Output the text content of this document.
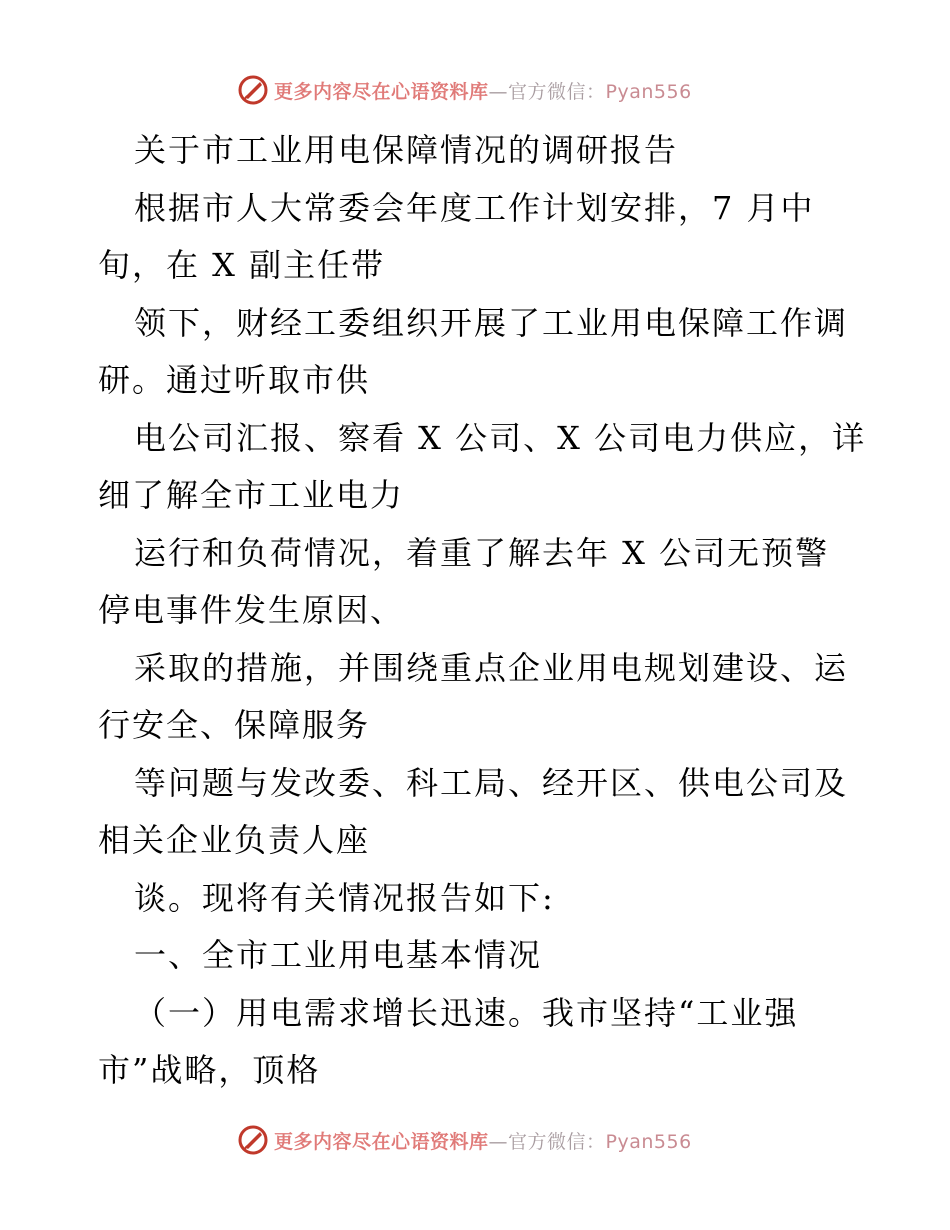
更多内容尽在心语资料库—官方微信：Pyan556
关于市工业用电保障情况的调研报告
根据市人大常委会年度工作计划安排，7 月中
旬，在 X 副主任带
领下，财经工委组织开展了工业用电保障工作调
研。通过听取市供
电公司汇报、察看 X 公司、X 公司电力供应，详
细了解全市工业电力
运行和负荷情况，着重了解去年 X 公司无预警
停电事件发生原因、
采取的措施，并围绕重点企业用电规划建设、运
行安全、保障服务
等问题与发改委、科工局、经开区、供电公司及
相关企业负责人座
谈。现将有关情况报告如下:
一、全市工业用电基本情况
（一）用电需求增长迅速。我市坚持“工业强
市”战略，顶格
更多内容尽在心语资料库—官方微信：Pyan556
